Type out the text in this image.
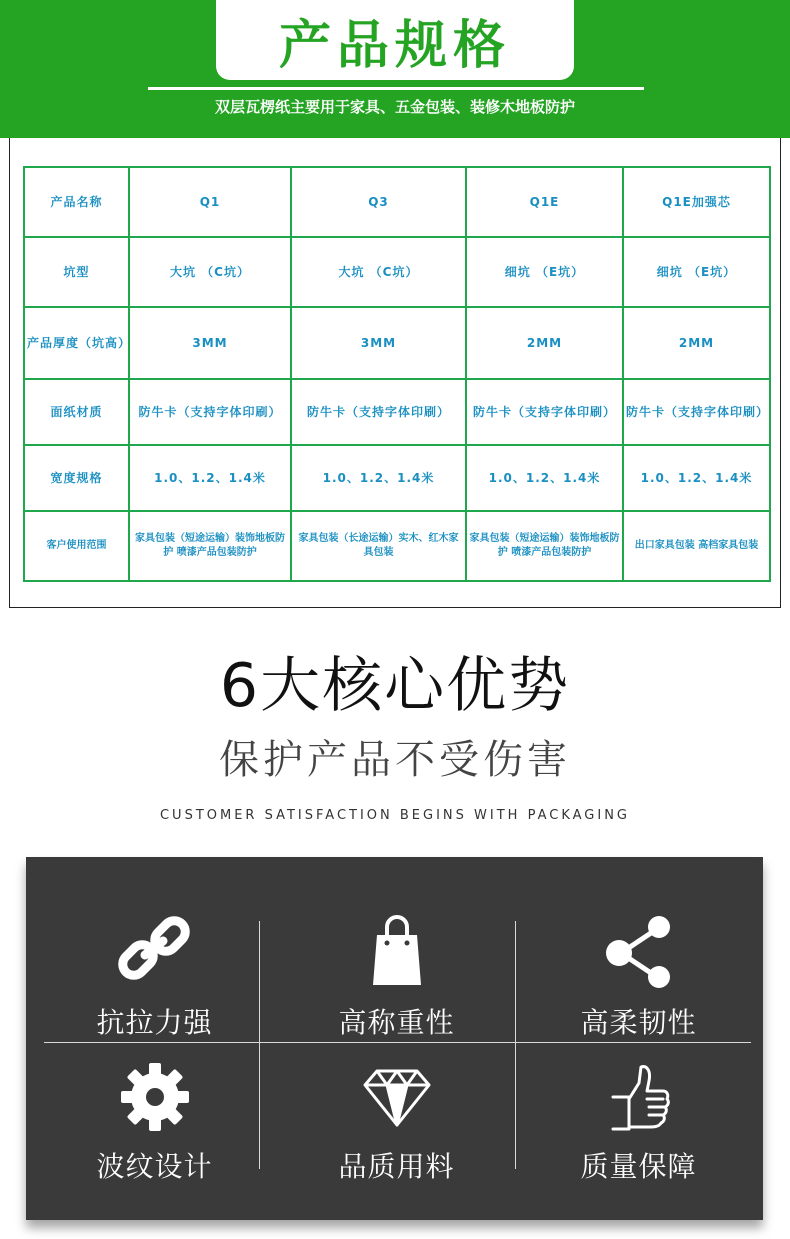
产品规格
双层瓦楞纸主要用于家具、五金包装、装修木地板防护
产品名称	Q1	Q3	Q1E	Q1E加强芯
坑型	大坑 （C坑）	大坑 （C坑）	细坑 （E坑）	细坑 （E坑）
产品厚度（坑高）	3MM	3MM	2MM	2MM
面纸材质	防牛卡（支持字体印刷）	防牛卡（支持字体印刷）	防牛卡（支持字体印刷）	防牛卡（支持字体印刷）
宽度规格	1.0、1.2、1.4米	1.0、1.2、1.4米	1.0、1.2、1.4米	1.0、1.2、1.4米
客户使用范围	家具包装（短途运输）装饰地板防护 喷漆产品包装防护	家具包装（长途运输）实木、红木家具包装	家具包装（短途运输）装饰地板防护 喷漆产品包装防护	出口家具包装 高档家具包装
6大核心优势
保护产品不受伤害
CUSTOMER SATISFACTION BEGINS WITH PACKAGING
抗拉力强	高称重性	高柔韧性
波纹设计	品质用料	质量保障
